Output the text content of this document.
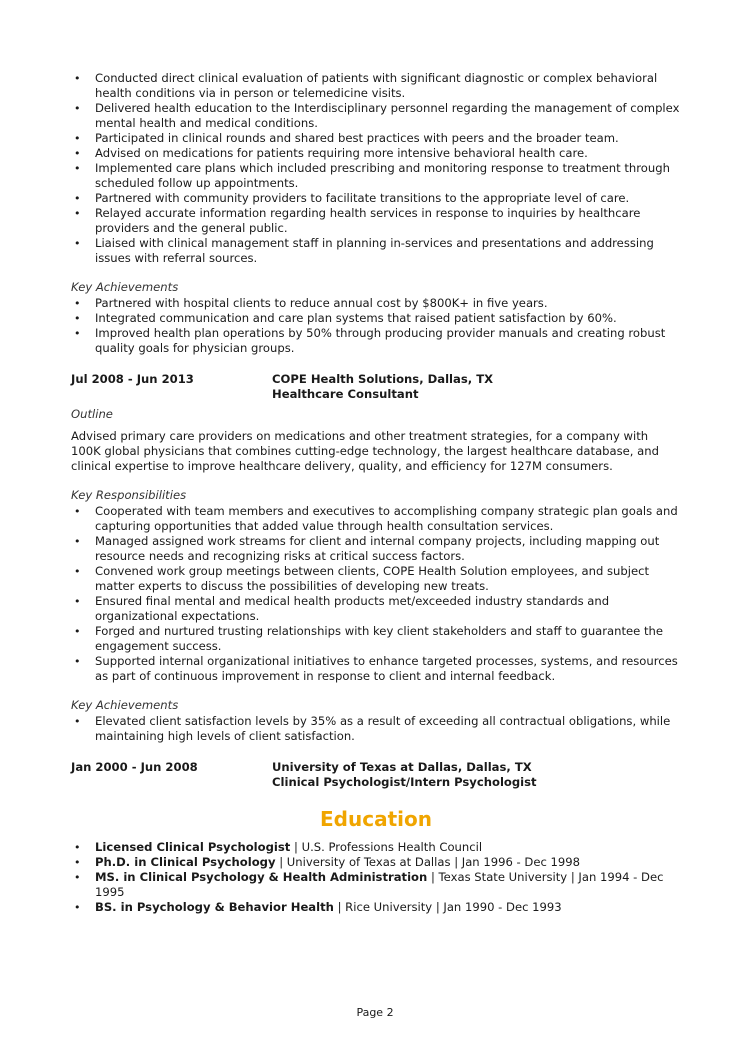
• Conducted direct clinical evaluation of patients with significant diagnostic or complex behavioral health conditions via in person or telemedicine visits.
• Delivered health education to the Interdisciplinary personnel regarding the management of complex mental health and medical conditions.
• Participated in clinical rounds and shared best practices with peers and the broader team.
• Advised on medications for patients requiring more intensive behavioral health care.
• Implemented care plans which included prescribing and monitoring response to treatment through scheduled follow up appointments.
• Partnered with community providers to facilitate transitions to the appropriate level of care.
• Relayed accurate information regarding health services in response to inquiries by healthcare providers and the general public.
• Liaised with clinical management staff in planning in-services and presentations and addressing issues with referral sources.
Key Achievements
• Partnered with hospital clients to reduce annual cost by $800K+ in five years.
• Integrated communication and care plan systems that raised patient satisfaction by 60%.
• Improved health plan operations by 50% through producing provider manuals and creating robust quality goals for physician groups.
Jul 2008 - Jun 2013	COPE Health Solutions, Dallas, TX
Healthcare Consultant
Outline

Advised primary care providers on medications and other treatment strategies, for a company with 100K global physicians that combines cutting-edge technology, the largest healthcare database, and clinical expertise to improve healthcare delivery, quality, and efficiency for 127M consumers.

Key Responsibilities
• Cooperated with team members and executives to accomplishing company strategic plan goals and capturing opportunities that added value through health consultation services.
• Managed assigned work streams for client and internal company projects, including mapping out resource needs and recognizing risks at critical success factors.
• Convened work group meetings between clients, COPE Health Solution employees, and subject matter experts to discuss the possibilities of developing new treats.
• Ensured final mental and medical health products met/exceeded industry standards and organizational expectations.
• Forged and nurtured trusting relationships with key client stakeholders and staff to guarantee the engagement success.
• Supported internal organizational initiatives to enhance targeted processes, systems, and resources as part of continuous improvement in response to client and internal feedback.
Key Achievements
• Elevated client satisfaction levels by 35% as a result of exceeding all contractual obligations, while maintaining high levels of client satisfaction.
Jan 2000 - Jun 2008	University of Texas at Dallas, Dallas, TX
Clinical Psychologist/Intern Psychologist
Education
• Licensed Clinical Psychologist | U.S. Professions Health Council
• Ph.D. in Clinical Psychology | University of Texas at Dallas | Jan 1996 - Dec 1998
• MS. in Clinical Psychology & Health Administration | Texas State University | Jan 1994 - Dec 1995
• BS. in Psychology & Behavior Health | Rice University | Jan 1990 - Dec 1993
Page 2
